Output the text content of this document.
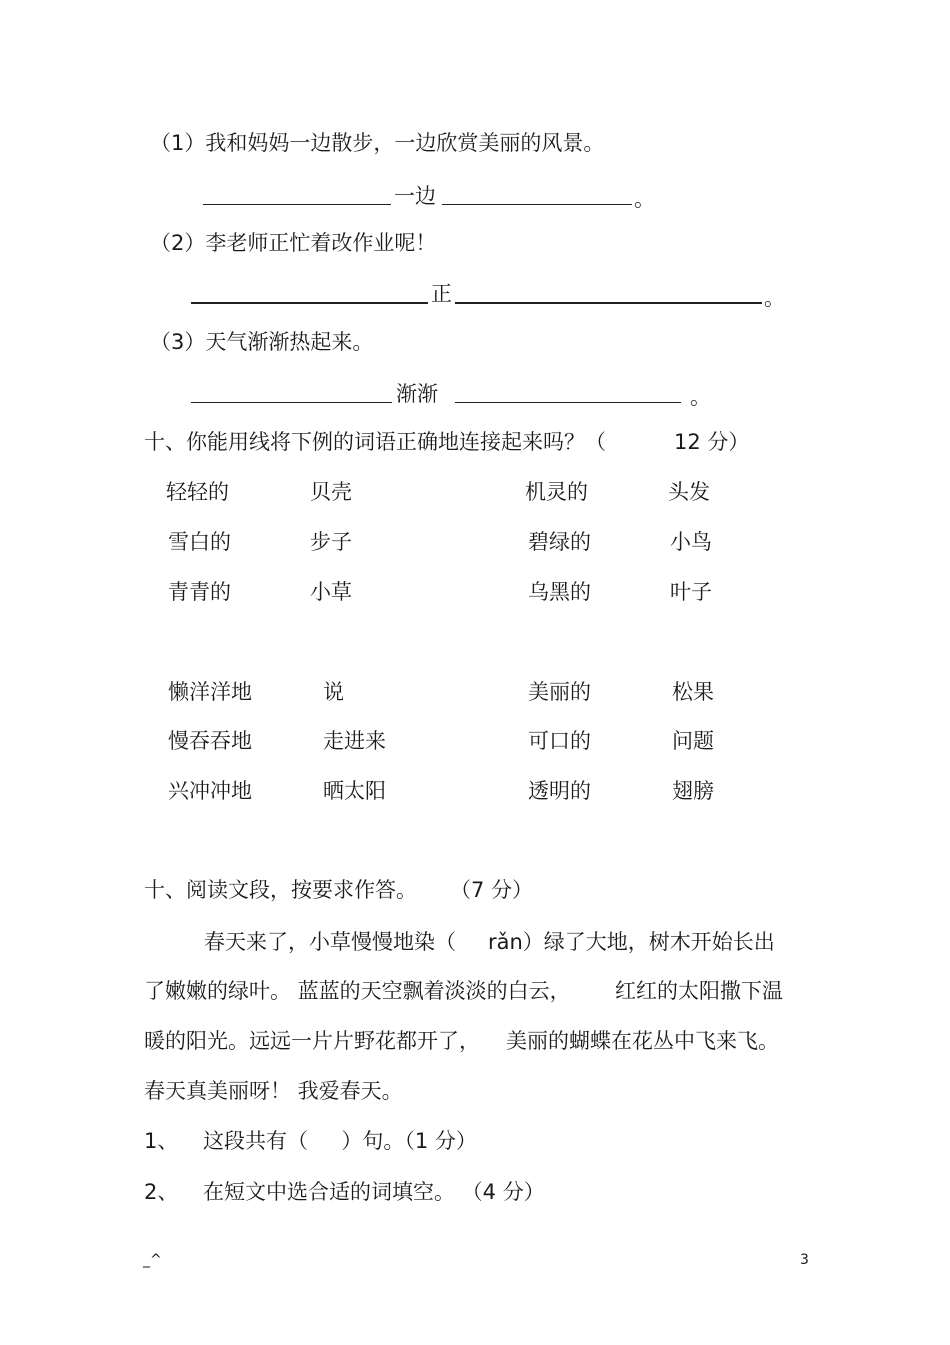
（1）我和妈妈一边散步，一边欣赏美丽的风景。
一边	。
（2）李老师正忙着改作业呢！
正	。
（3）天气渐渐热起来。
渐渐	。
十、你能用线将下例的词语正确地连接起来吗？（	12 分）
轻轻的	贝壳	机灵的	头发
雪白的	步子	碧绿的	小鸟
青青的	小草	乌黑的	叶子
懒洋洋地	说	美丽的	松果
慢吞吞地	走进来	可口的	问题
兴冲冲地	晒太阳	透明的	翅膀
十、阅读文段，按要求作答。 （7 分）
春天来了，小草慢慢地染（ rǎn）绿了大地，树木开始长出
了嫩嫩的绿叶。 蓝蓝的天空飘着淡淡的白云， 红红的太阳撒下温
暖的阳光。远远一片片野花都开了， 美丽的蝴蝶在花丛中飞来飞。
春天真美丽呀！ 我爱春天。
1、 这段共有（     ）句。（1 分）
2、 在短文中选合适的词填空。 （4 分）
_^	3
